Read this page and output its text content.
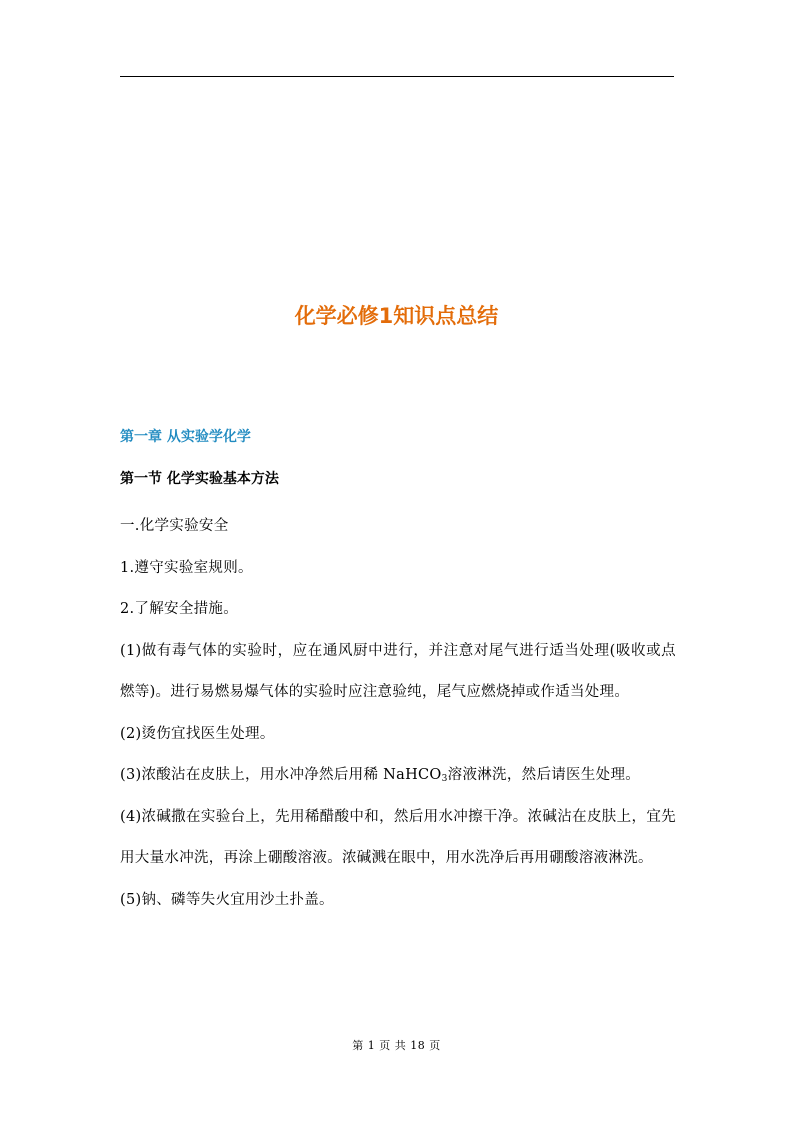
化学必修1知识点总结
第一章 从实验学化学
第一节 化学实验基本方法

一.化学实验安全

1.遵守实验室规则。

2.了解安全措施。

(1)做有毒气体的实验时，应在通风厨中进行，并注意对尾气进行适当处理(吸收或点燃等)。进行易燃易爆气体的实验时应注意验纯，尾气应燃烧掉或作适当处理。

(2)烫伤宜找医生处理。

(3)浓酸沾在皮肤上，用水冲净然后用稀 NaHCO$_3$溶液淋洗，然后请医生处理。

(4)浓碱撒在实验台上，先用稀醋酸中和，然后用水冲擦干净。浓碱沾在皮肤上，宜先用大量水冲洗，再涂上硼酸溶液。浓碱溅在眼中，用水洗净后再用硼酸溶液淋洗。

(5)钠、磷等失火宜用沙土扑盖。

第 1 页 共 18 页
